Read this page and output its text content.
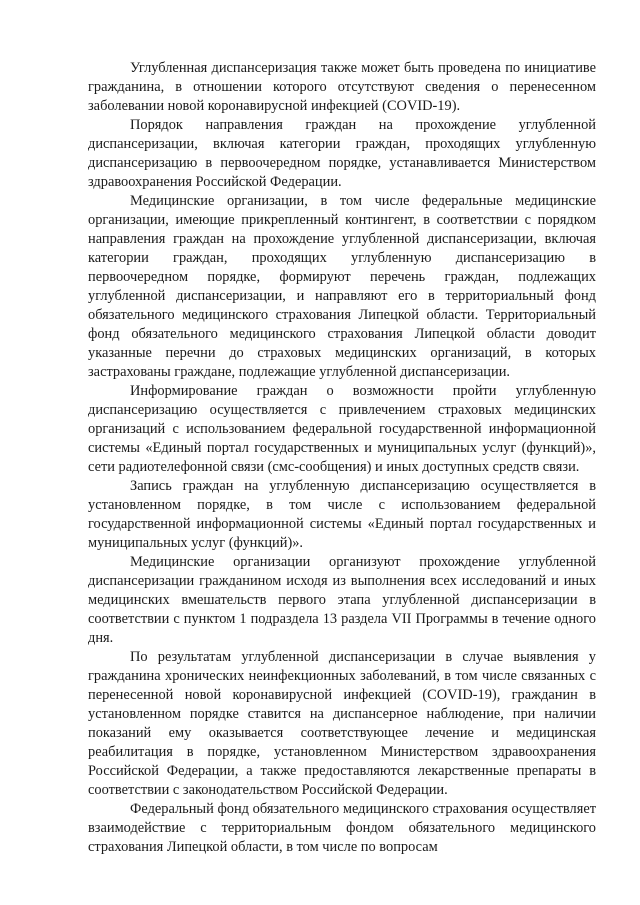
Углубленная диспансеризация также может быть проведена по инициативе гражданина, в отношении которого отсутствуют сведения о перенесенном заболевании новой коронавирусной инфекцией (COVID-19).

Порядок направления граждан на прохождение углубленной диспансеризации, включая категории граждан, проходящих углубленную диспансеризацию в первоочередном порядке, устанавливается Министерством здравоохранения Российской Федерации.

Медицинские организации, в том числе федеральные медицинские организации, имеющие прикрепленный контингент, в соответствии с порядком направления граждан на прохождение углубленной диспансеризации, включая категории граждан, проходящих углубленную диспансеризацию в первоочередном порядке, формируют перечень граждан, подлежащих углубленной диспансеризации, и направляют его в территориальный фонд обязательного медицинского страхования Липецкой области. Территориальный фонд обязательного медицинского страхования Липецкой области доводит указанные перечни до страховых медицинских организаций, в которых застрахованы граждане, подлежащие углубленной диспансеризации.

Информирование граждан о возможности пройти углубленную диспансеризацию осуществляется с привлечением страховых медицинских организаций с использованием федеральной государственной информационной системы «Единый портал государственных и муниципальных услуг (функций)», сети радиотелефонной связи (смс-сообщения) и иных доступных средств связи.

Запись граждан на углубленную диспансеризацию осуществляется в установленном порядке, в том числе с использованием федеральной государственной информационной системы «Единый портал государственных и муниципальных услуг (функций)».

Медицинские организации организуют прохождение углубленной диспансеризации гражданином исходя из выполнения всех исследований и иных медицинских вмешательств первого этапа углубленной диспансеризации в соответствии с пунктом 1 подраздела 13 раздела VII Программы в течение одного дня.

По результатам углубленной диспансеризации в случае выявления у гражданина хронических неинфекционных заболеваний, в том числе связанных с перенесенной новой коронавирусной инфекцией (COVID-19), гражданин в установленном порядке ставится на диспансерное наблюдение, при наличии показаний ему оказывается соответствующее лечение и медицинская реабилитация в порядке, установленном Министерством здравоохранения Российской Федерации, а также предоставляются лекарственные препараты в соответствии с законодательством Российской Федерации.

Федеральный фонд обязательного медицинского страхования осуществляет взаимодействие с территориальным фондом обязательного медицинского страхования Липецкой области, в том числе по вопросам
